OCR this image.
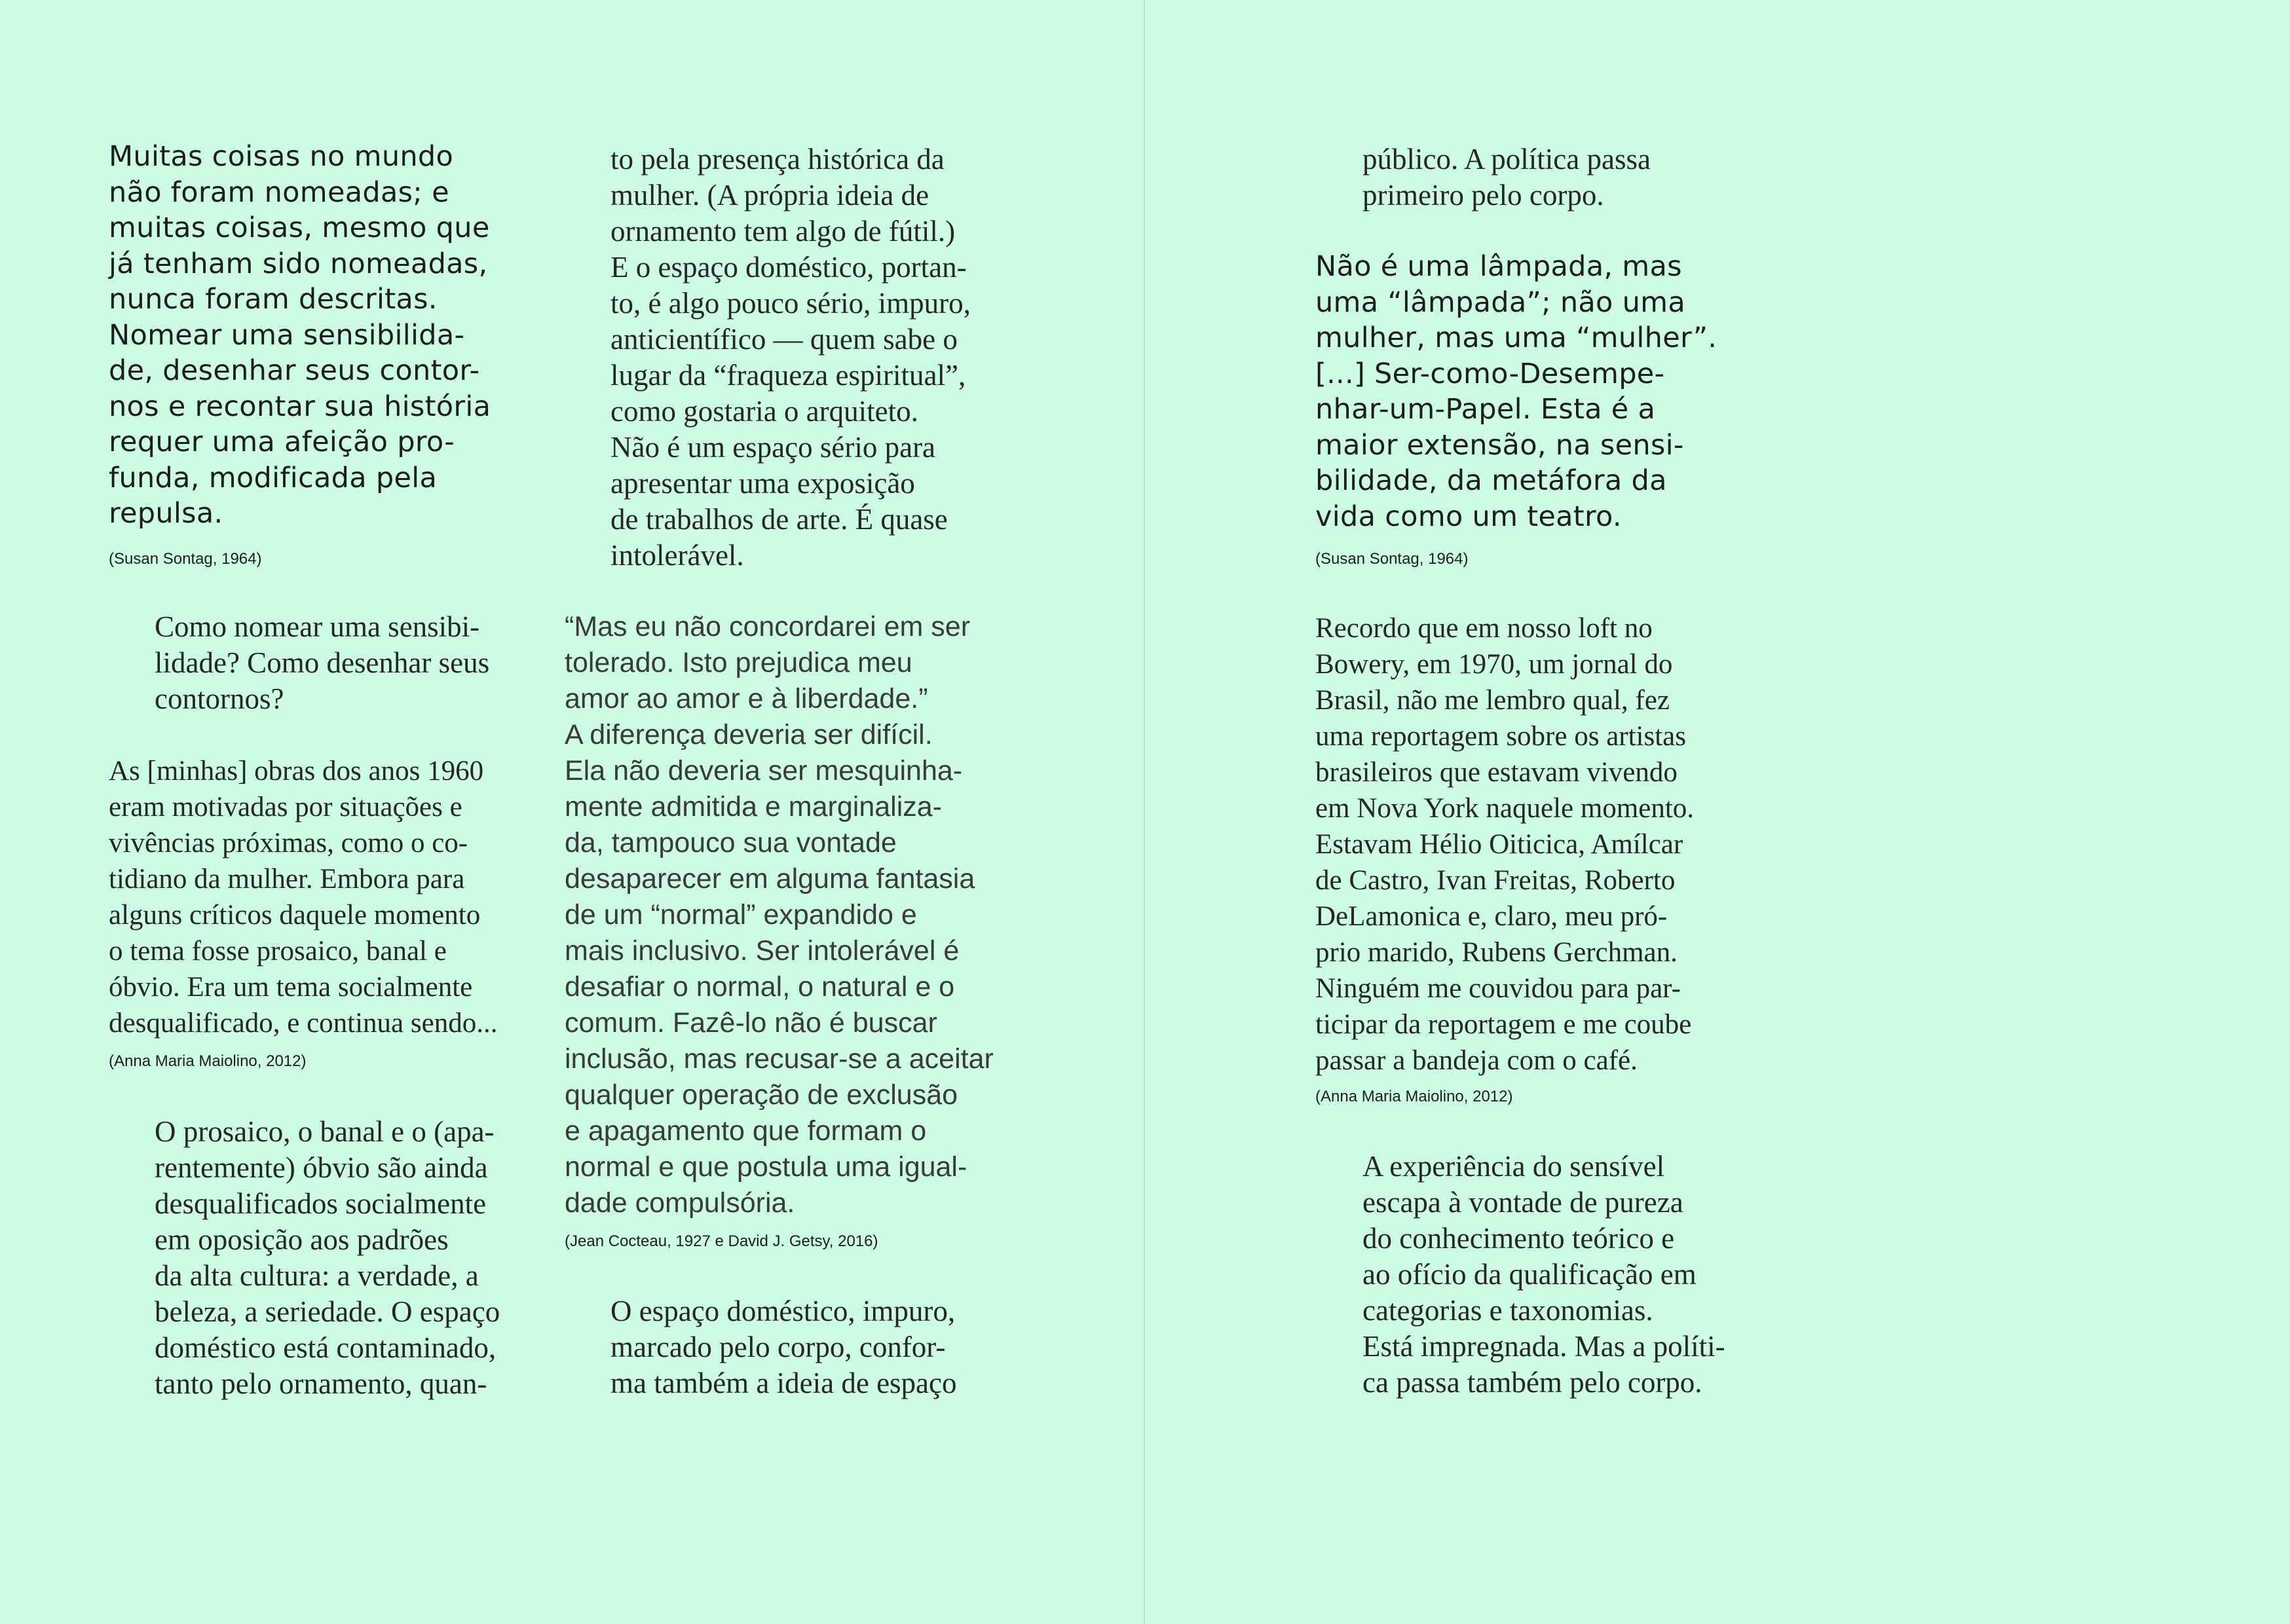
Muitas coisas no mundo
não foram nomeadas; e
muitas coisas, mesmo que
já tenham sido nomeadas,
nunca foram descritas.
Nomear uma sensibilida-
de, desenhar seus contor-
nos e recontar sua história
requer uma afeição pro-
funda, modificada pela
repulsa.

(Susan Sontag, 1964)

Como nomear uma sensibi-
lidade? Como desenhar seus
contornos?

As [minhas] obras dos anos 1960
eram motivadas por situações e
vivências próximas, como o co-
tidiano da mulher. Embora para
alguns críticos daquele momento
o tema fosse prosaico, banal e
óbvio. Era um tema socialmente
desqualificado, e continua sendo...

(Anna Maria Maiolino, 2012)

O prosaico, o banal e o (apa-
rentemente) óbvio são ainda
desqualificados socialmente
em oposição aos padrões
da alta cultura: a verdade, a
beleza, a seriedade. O espaço
doméstico está contaminado,
tanto pelo ornamento, quan-

to pela presença histórica da
mulher. (A própria ideia de
ornamento tem algo de fútil.)
E o espaço doméstico, portan-
to, é algo pouco sério, impuro,
anticientífico — quem sabe o
lugar da “fraqueza espiritual”,
como gostaria o arquiteto.
Não é um espaço sério para
apresentar uma exposição
de trabalhos de arte. É quase
intolerável.

“Mas eu não concordarei em ser
tolerado. Isto prejudica meu
amor ao amor e à liberdade.”
A diferença deveria ser difícil.
Ela não deveria ser mesquinha-
mente admitida e marginaliza-
da, tampouco sua vontade
desaparecer em alguma fantasia
de um “normal” expandido e
mais inclusivo. Ser intolerável é
desafiar o normal, o natural e o
comum. Fazê-lo não é buscar
inclusão, mas recusar-se a aceitar
qualquer operação de exclusão
e apagamento que formam o
normal e que postula uma igual-
dade compulsória.

(Jean Cocteau, 1927 e David J. Getsy, 2016)

O espaço doméstico, impuro,
marcado pelo corpo, confor-
ma também a ideia de espaço

público. A política passa
primeiro pelo corpo.

Não é uma lâmpada, mas
uma “lâmpada”; não uma
mulher, mas uma “mulher”.
[...] Ser-como-Desempe-
nhar-um-Papel. Esta é a
maior extensão, na sensi-
bilidade, da metáfora da
vida como um teatro.

(Susan Sontag, 1964)

Recordo que em nosso loft no
Bowery, em 1970, um jornal do
Brasil, não me lembro qual, fez
uma reportagem sobre os artistas
brasileiros que estavam vivendo
em Nova York naquele momento.
Estavam Hélio Oiticica, Amílcar
de Castro, Ivan Freitas, Roberto
DeLamonica e, claro, meu pró-
prio marido, Rubens Gerchman.
Ninguém me couvidou para par-
ticipar da reportagem e me coube
passar a bandeja com o café.

(Anna Maria Maiolino, 2012)

A experiência do sensível
escapa à vontade de pureza
do conhecimento teórico e
ao ofício da qualificação em
categorias e taxonomias.
Está impregnada. Mas a políti-
ca passa também pelo corpo.
